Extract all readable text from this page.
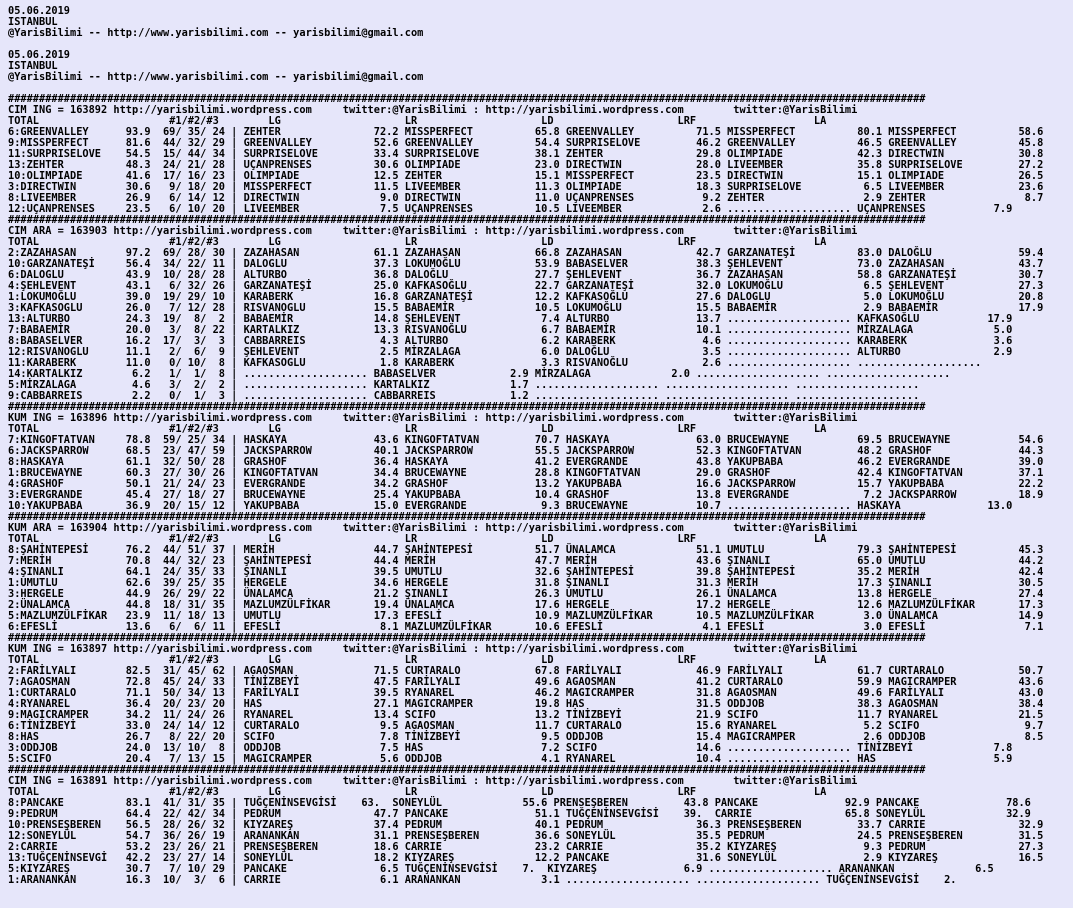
05.06.2019
ISTANBUL
@YarisBilimi -- http://www.yarisbilimi.com -- yarisbilimi@gmail.com

05.06.2019
ISTANBUL
@YarisBilimi -- http://www.yarisbilimi.com -- yarisbilimi@gmail.com

####################################################################################################################################################
CIM ING = 163892 http://yarisbilimi.wordpress.com     twitter:@YarisBilimi : http://yarisbilimi.wordpress.com        twitter:@YarisBilimi
TOTAL                     #1/#2/#3        LG                    LR                    LD                    LRF                   LA
6:GREENVALLEY      93.9  69/ 35/ 24 | ZEHTER               72.2 MISSPERFECT          65.8 GREENVALLEY          71.5 MISSPERFECT          80.1 MISSPERFECT          58.6
9:MISSPERFECT      81.6  44/ 32/ 29 | GREENVALLEY          52.6 GREENVALLEY          54.4 SURPRISELOVE         46.2 GREENVALLEY          46.5 GREENVALLEY          45.8
11:SURPRISELOVE    54.5  15/ 44/ 34 | SURPRISELOVE         33.4 SURPRISELOVE         38.1 ZEHTER               29.8 OLIMPIADE            42.3 DIRECTWIN            30.8
13:ZEHTER          48.3  24/ 21/ 28 | UÇANPRENSES          30.6 OLIMPIADE            23.0 DIRECTWIN            28.0 LIVEEMBER            35.8 SURPRISELOVE         27.2
10:OLIMPIADE       41.6  17/ 16/ 23 | OLIMPIADE            12.5 ZEHTER               15.1 MISSPERFECT          23.5 DIRECTWIN            15.1 OLIMPIADE            26.5
3:DIRECTWIN        30.6   9/ 18/ 20 | MISSPERFECT          11.5 LIVEEMBER            11.3 OLIMPIADE            18.3 SURPRISELOVE          6.5 LIVEEMBER            23.6
8:LIVEEMBER        26.9   6/ 14/ 12 | DIRECTWIN             9.0 DIRECTWIN            11.0 UÇANPRENSES           9.2 ZEHTER                2.9 ZEHTER                8.7
12:UÇANPRENSES     23.5   6/ 10/ 20 | LIVEEMBER             7.5 UÇANPRENSES          10.5 LIVEEMBER             2.6 .................... UÇANPRENSES           7.9
####################################################################################################################################################
CIM ARA = 163903 http://yarisbilimi.wordpress.com     twitter:@YarisBilimi : http://yarisbilimi.wordpress.com        twitter:@YarisBilimi
TOTAL                     #1/#2/#3        LG                    LR                    LD                    LRF                   LA
2:ZAZAHASAN        97.2  69/ 28/ 30 | ZAZAHASAN            61.1 ZAZAHASAN            66.8 ZAZAHASAN            42.7 GARZANATEŞİ          83.0 DALOĞLU              59.4
10:GARZANATEŞİ     56.4  34/ 22/ 11 | DALOGLU              37.3 LOKUMOĞLU            53.9 BABASELVER           38.3 ŞEHLEVENT            73.0 ZAZAHASAN            43.7
6:DALOGLU          43.9  10/ 28/ 28 | ALTURBO              36.8 DALOĞLU              27.7 ŞEHLEVENT            36.7 ZAZAHASAN            58.8 GARZANATEŞİ          30.7
4:ŞEHLEVENT        43.1   6/ 32/ 26 | GARZANATEŞİ          25.0 KAFKASOĞLU           22.7 GARZANATEŞİ          32.0 LOKUMOĞLU             6.5 ŞEHLEVENT            27.3
1:LOKUMOĞLU        39.0  19/ 29/ 10 | KARABERK             16.8 GARZANATEŞİ          12.2 KAFKASOĞLU           27.6 DALOGLU               5.0 LOKUMOĞLU            20.8
3:KAFKASOGLU       26.0   7/ 12/ 28 | RISVANOGLU           15.5 BABAEMİR             10.5 LOKUMOĞLU            15.5 BABAEMİR              2.9 BABAEMİR             17.9
13:ALTURBO         24.3  19/  8/  2 | BABAEMİR             14.8 ŞEHLEVENT             7.4 ALTURBO              13.7 .................... KAFKASOĞLU           17.9
7:BABAEMİR         20.0   3/  8/ 22 | KARTALKIZ            13.3 RISVANOĞLU            6.7 BABAEMİR             10.1 .................... MİRZALAGA             5.0
8:BABASELVER       16.2  17/  3/  3 | CABBARREIS            4.3 ALTURBO               6.2 KARABERK              4.6 .................... KARABERK              3.6
12:RISVANOGLU      11.1   2/  6/  9 | ŞEHLEVENT             2.5 MİRZALAGA             6.0 DALOĞLU               3.5 .................... ALTURBO               2.9
11:KARABERK        11.0   0/ 10/  8 | KAFKASOGLU            1.8 KARABERK              3.3 RISVANOĞLU            2.6 .................... ....................
14:KARTALKIZ        6.2   1/  1/  8 | .................... BABASELVER            2.9 MİRZALAGA             2.0 .................... ....................
5:MİRZALAGA         4.6   3/  2/  2 | .................... KARTALKIZ             1.7 .................... .................... ....................
9:CABBARREIS        2.2   0/  1/  3 | .................... CABBARREIS            1.2 .................... .................... ....................
####################################################################################################################################################
KUM ING = 163896 http://yarisbilimi.wordpress.com     twitter:@YarisBilimi : http://yarisbilimi.wordpress.com        twitter:@YarisBilimi
TOTAL                     #1/#2/#3        LG                    LR                    LD                    LRF                   LA
7:KINGOFTATVAN     78.8  59/ 25/ 34 | HASKAYA              43.6 KINGOFTATVAN         70.7 HASKAYA              63.0 BRUCEWAYNE           69.5 BRUCEWAYNE           54.6
6:JACKSPARROW      68.5  23/ 47/ 59 | JACKSPARROW          40.1 JACKSPARROW          55.5 JACKSPARROW          52.3 KINGOFTATVAN         48.2 GRASHOF              44.3
8:HASKAYA          61.1  32/ 50/ 28 | GRASHOF              36.4 HASKAYA              41.2 EVERGRANDE           43.8 YAKUPBABA            46.2 EVERGRANDE           39.0
1:BRUCEWAYNE       60.3  27/ 30/ 26 | KINGOFTATVAN         34.4 BRUCEWAYNE           28.8 KINGOFTATVAN         29.0 GRASHOF              42.4 KINGOFTATVAN         37.1
4:GRASHOF          50.1  21/ 24/ 23 | EVERGRANDE           34.2 GRASHOF              13.2 YAKUPBABA            16.6 JACKSPARROW          15.7 YAKUPBABA            22.2
3:EVERGRANDE       45.4  27/ 18/ 27 | BRUCEWAYNE           25.4 YAKUPBABA            10.4 GRASHOF              13.8 EVERGRANDE            7.2 JACKSPARROW          18.9
10:YAKUPBABA       36.9  20/ 15/ 12 | YAKUPBABA            15.0 EVERGRANDE            9.3 BRUCEWAYNE           10.7 .................... HASKAYA              13.0
####################################################################################################################################################
KUM ARA = 163904 http://yarisbilimi.wordpress.com     twitter:@YarisBilimi : http://yarisbilimi.wordpress.com        twitter:@YarisBilimi
TOTAL                     #1/#2/#3        LG                    LR                    LD                    LRF                   LA
8:ŞAHİNTEPESİ      76.2  44/ 51/ 37 | MERİH                44.7 ŞAHİNTEPESİ          51.7 ÜNALAMCA             51.1 UMUTLU               79.3 ŞAHİNTEPESİ          45.3
7:MERİH            70.8  44/ 32/ 23 | ŞAHİNTEPESİ          44.4 MERİH                47.7 MERİH                43.6 ŞINANLI              65.0 UMUTLU               44.2
4:ŞINANLI          64.1  24/ 35/ 33 | ŞINANLI              39.5 UMUTLU               32.6 ŞAHİNTEPESİ          39.8 ŞAHİNTEPESİ          35.2 MERİH                42.4
1:UMUTLU           62.6  39/ 25/ 35 | HERGELE              34.6 HERGELE              31.8 ŞINANLI              31.3 MERİH                17.3 ŞINANLI              30.5
3:HERGELE          44.9  26/ 29/ 22 | ÜNALAMCA             21.2 ŞINANLI              26.3 UMUTLU               26.1 ÜNALAMCA             13.8 HERGELE              27.4
2:ÜNALAMCA         44.8  18/ 31/ 35 | MAZLUMZÜLFİKAR       19.4 ÜNALAMCA             17.6 HERGELE              17.2 HERGELE              12.6 MAZLUMZÜLFİKAR       17.3
5:MAZLUMZÜLFİKAR   23.9  11/ 18/ 13 | UMUTLU               17.3 EFESLİ               10.9 MAZLUMZÜLFİKAR       10.5 MAZLUMZÜLFİKAR        3.0 ÜNALAMCA             14.9
6:EFESLİ           13.6   6/  6/ 11 | EFESLİ                8.1 MAZLUMZÜLFİKAR       10.6 EFESLİ                4.1 EFESLİ                3.0 EFESLİ                7.1
####################################################################################################################################################
KUM ING = 163897 http://yarisbilimi.wordpress.com     twitter:@YarisBilimi : http://yarisbilimi.wordpress.com        twitter:@YarisBilimi
TOTAL                     #1/#2/#3        LG                    LR                    LD                    LRF                   LA
2:FARİLYALI        82.5  31/ 45/ 62 | AGAOSMAN             71.5 CURTARALO            67.8 FARİLYALI            46.9 FARİLYALI            61.7 CURTARALO            50.7
7:AGAOSMAN         72.8  45/ 24/ 33 | TİNİZBEYİ            47.5 FARİLYALI            49.6 AGAOSMAN             41.2 CURTARALO            59.9 MAGICRAMPER          43.6
1:CURTARALO        71.1  50/ 34/ 13 | FARİLYALI            39.5 RYANAREL             46.2 MAGICRAMPER          31.8 AGAOSMAN             49.6 FARİLYALI            43.0
4:RYANAREL         36.4  20/ 23/ 20 | HAS                  27.1 MAGICRAMPER          19.8 HAS                  31.5 ODDJOB               38.3 AGAOSMAN             38.4
9:MAGICRAMPER      34.2  11/ 24/ 26 | RYANAREL             13.4 SCIFO                13.2 TİNİZBEYİ            21.9 SCIFO                11.7 RYANAREL             21.5
6:TİNİZBEYİ        33.0  24/ 14/ 12 | CURTARALO             9.5 AGAOSMAN             11.7 CURTARALO            15.6 RYANAREL              5.2 SCIFO                 9.7
8:HAS              26.7   8/ 22/ 20 | SCIFO                 7.8 TİNİZBEYİ             9.5 ODDJOB               15.4 MAGICRAMPER           2.6 ODDJOB                8.5
3:ODDJOB           24.0  13/ 10/  8 | ODDJOB                7.5 HAS                   7.2 SCIFO                14.6 .................... TİNİZBEYİ             7.8
5:SCIFO            20.4   7/ 13/ 15 | MAGICRAMPER           5.6 ODDJOB                4.1 RYANAREL             10.4 .................... HAS                   5.9
####################################################################################################################################################
CIM ING = 163891 http://yarisbilimi.wordpress.com     twitter:@YarisBilimi : http://yarisbilimi.wordpress.com        twitter:@YarisBilimi
TOTAL                     #1/#2/#3        LG                    LR                    LD                    LRF                   LA
8:PANCAKE          83.1  41/ 31/ 35 | TUĞÇENİNSEVGİSİ    63.  SONEYLÜL             55.6 PRENSEŞBEREN         43.8 PANCAKE              92.9 PANCAKE              78.6
9:PEDRUM           64.4  22/ 42/ 34 | PEDRUM               47.7 PANCAKE              51.1 TUĞÇENİNSEVGİSİ    39.  CARRIE               65.8 SONEYLÜL             32.9
10:PRENSEŞBEREN    56.5  28/ 26/ 32 | KIYZAREŞ             37.4 PEDRUM               40.1 PEDRUM               36.3 PRENSEŞBEREN         33.7 CARRIE               32.9
12:SONEYLÜL        54.7  36/ 26/ 19 | ARANANKAN            31.1 PRENSEŞBEREN         36.6 SONEYLÜL             35.5 PEDRUM               24.5 PRENSEŞBEREN         31.5
2:CARRIE           53.2  23/ 26/ 21 | PRENSEŞBEREN         18.6 CARRIE               23.2 CARRIE               35.2 KIYZAREŞ              9.3 PEDRUM               27.3
13:TUĞÇENİNSEVGİ   42.2  23/ 27/ 14 | SONEYLÜL             18.2 KIYZAREŞ             12.2 PANCAKE              31.6 SONEYLÜL              2.9 KIYZAREŞ             16.5
5:KIYZAREŞ         30.7   7/ 10/ 29 | PANCAKE               6.5 TUĞÇENİNSEVGİSİ    7.  KIYZAREŞ              6.9 .................... ARANANKAN             6.5
1:ARANANKAN        16.3  10/  3/  6 | CARRIE                6.1 ARANANKAN             3.1 .................... .................... TUĞÇENİNSEVGİSİ    2.
